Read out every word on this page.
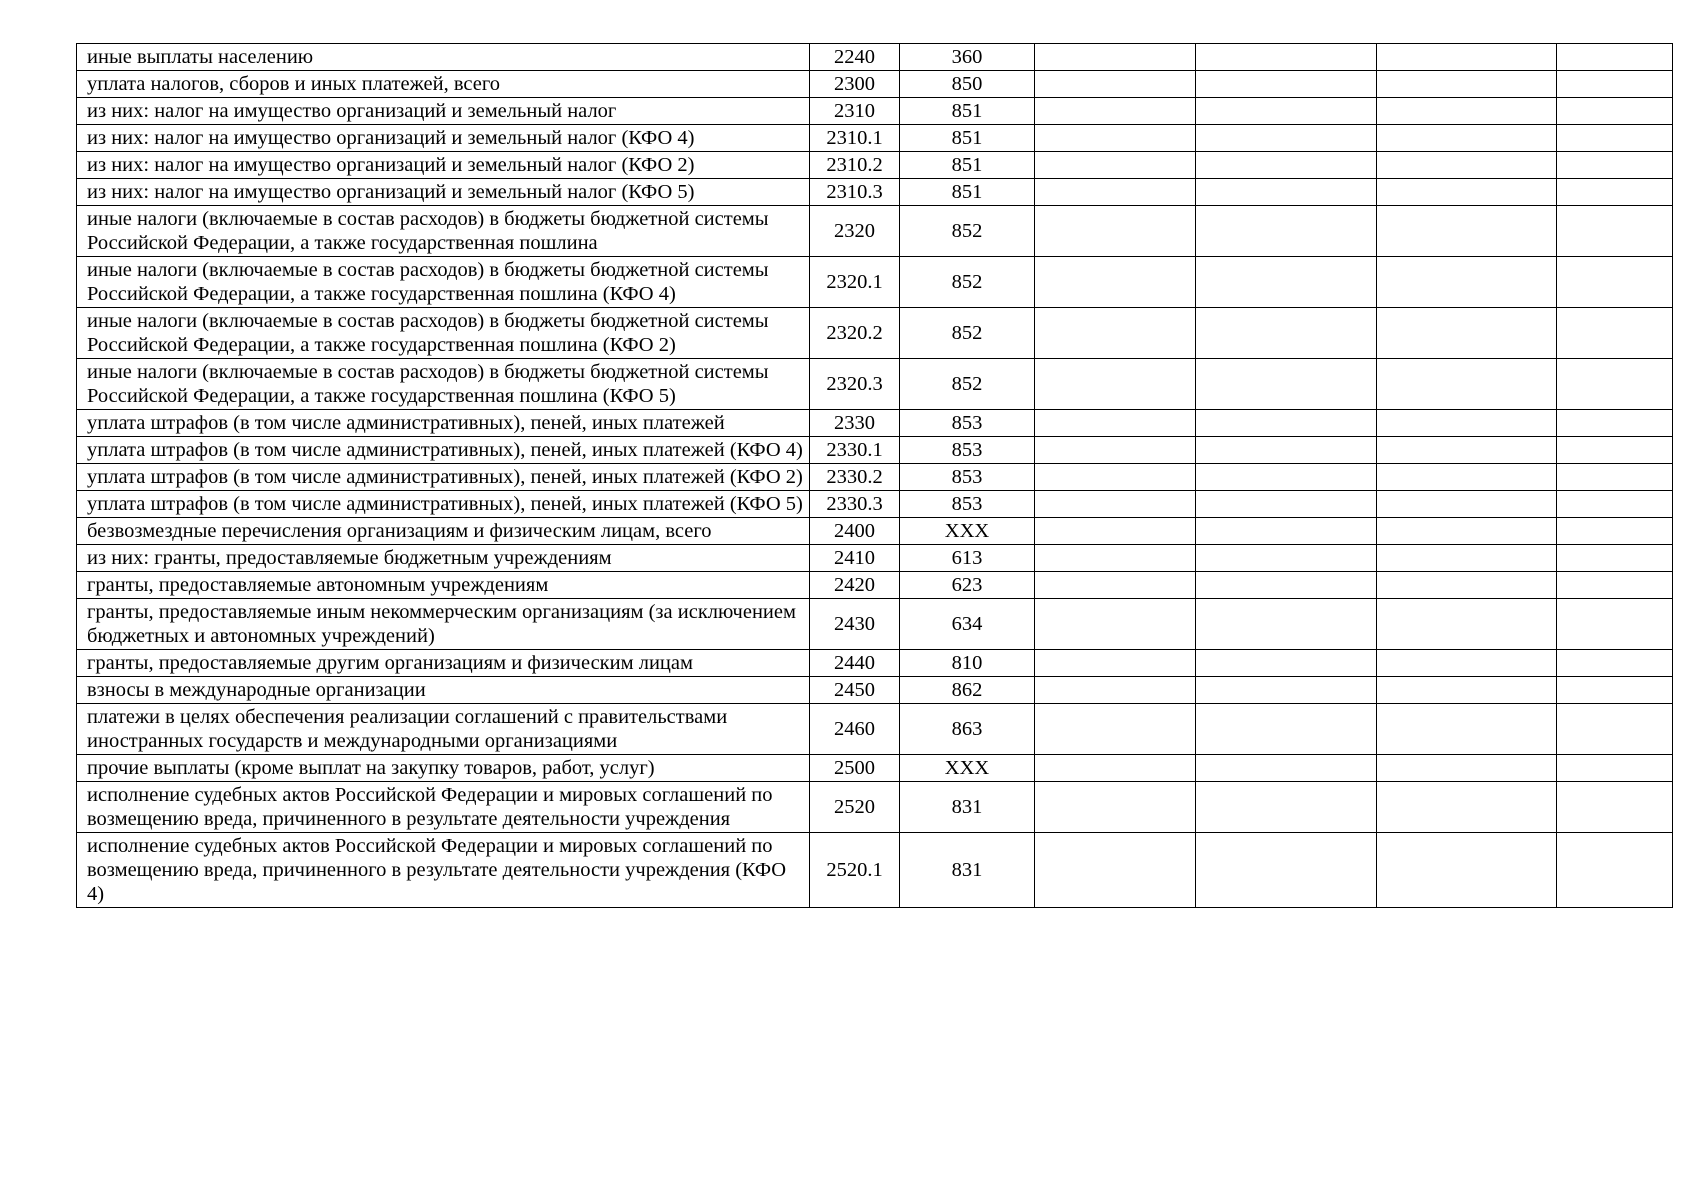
иные выплаты населению	2240	360				
уплата налогов, сборов и иных платежей, всего	2300	850				
из них: налог на имущество организаций и земельный налог	2310	851				
из них: налог на имущество организаций и земельный налог (КФО 4)	2310.1	851				
из них: налог на имущество организаций и земельный налог (КФО 2)	2310.2	851				
из них: налог на имущество организаций и земельный налог (КФО 5)	2310.3	851				
иные налоги (включаемые в состав расходов) в бюджеты бюджетной системы Российской Федерации, а также государственная пошлина	2320	852				
иные налоги (включаемые в состав расходов) в бюджеты бюджетной системы Российской Федерации, а также государственная пошлина (КФО 4)	2320.1	852				
иные налоги (включаемые в состав расходов) в бюджеты бюджетной системы Российской Федерации, а также государственная пошлина (КФО 2)	2320.2	852				
иные налоги (включаемые в состав расходов) в бюджеты бюджетной системы Российской Федерации, а также государственная пошлина (КФО 5)	2320.3	852				
уплата штрафов (в том числе административных), пеней, иных платежей	2330	853				
уплата штрафов (в том числе административных), пеней, иных платежей (КФО 4)	2330.1	853				
уплата штрафов (в том числе административных), пеней, иных платежей (КФО 2)	2330.2	853				
уплата штрафов (в том числе административных), пеней, иных платежей (КФО 5)	2330.3	853				
безвозмездные перечисления организациям и физическим лицам, всего	2400	ХХХ				
из них: гранты, предоставляемые бюджетным учреждениям	2410	613				
гранты, предоставляемые автономным учреждениям	2420	623				
гранты, предоставляемые иным некоммерческим организациям (за исключением бюджетных и автономных учреждений)	2430	634				
гранты, предоставляемые другим организациям и физическим лицам	2440	810				
взносы в международные организации	2450	862				
платежи в целях обеспечения реализации соглашений с правительствами иностранных государств и международными организациями	2460	863				
прочие выплаты (кроме выплат на закупку товаров, работ, услуг)	2500	ХХХ				
исполнение судебных актов Российской Федерации и мировых соглашений по возмещению вреда, причиненного в результате деятельности учреждения	2520	831				
исполнение судебных актов Российской Федерации и мировых соглашений по возмещению вреда, причиненного в результате деятельности учреждения (КФО 4)	2520.1	831				
